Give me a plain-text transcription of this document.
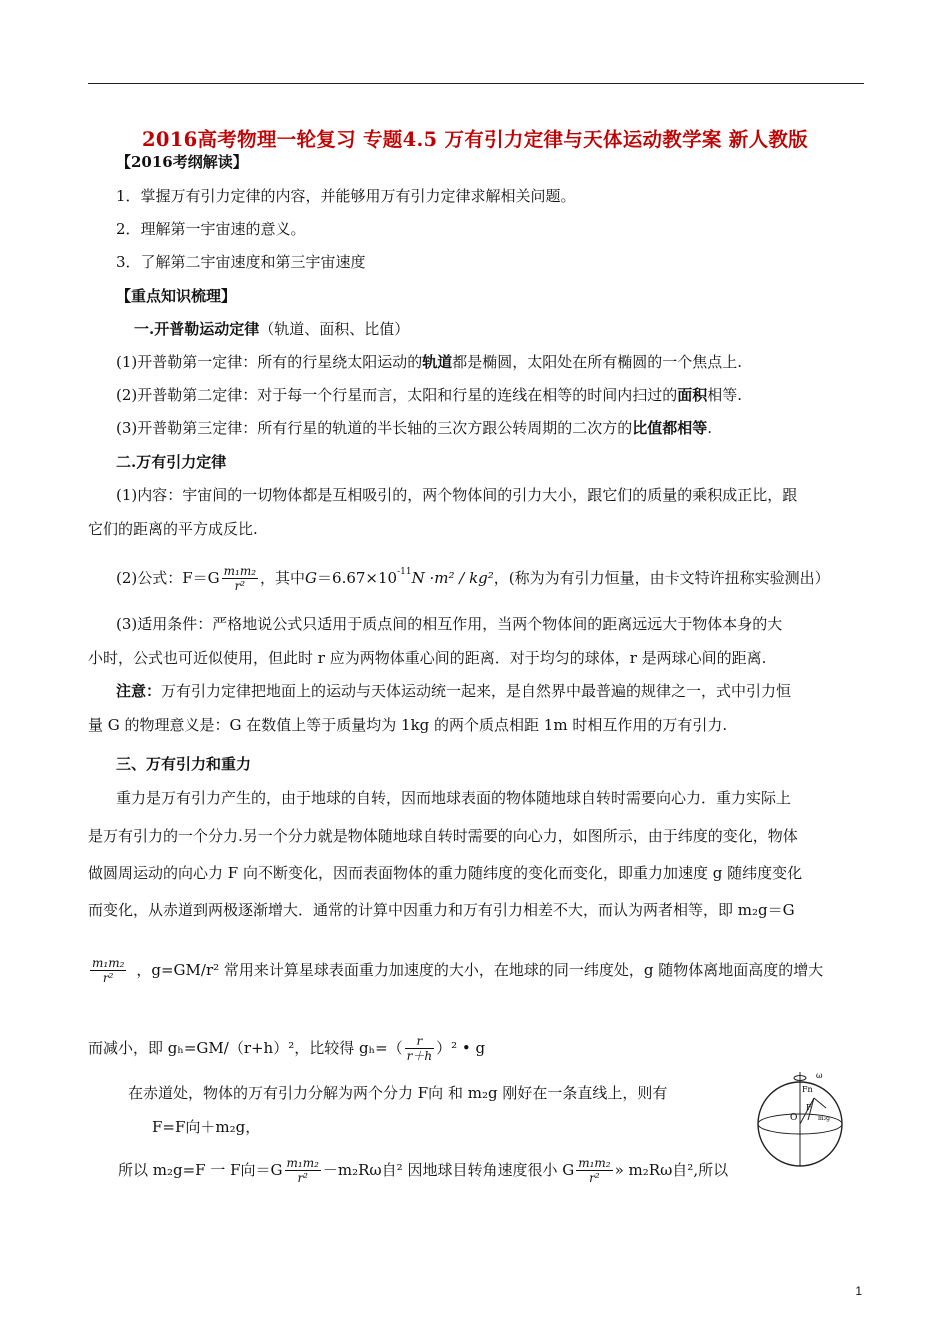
2016高考物理一轮复习 专题4.5 万有引力定律与天体运动教学案 新人教版
【2016考纲解读】
1．掌握万有引力定律的内容，并能够用万有引力定律求解相关问题。
2．理解第一宇宙速的意义。
3．了解第二宇宙速度和第三宇宙速度
【重点知识梳理】
一.开普勒运动定律（轨道、面积、比值）
(1)开普勒第一定律：所有的行星绕太阳运动的轨道都是椭圆，太阳处在所有椭圆的一个焦点上.
(2)开普勒第二定律：对于每一个行星而言，太阳和行星的连线在相等的时间内扫过的面积相等.
(3)开普勒第三定律：所有行星的轨道的半长轴的三次方跟公转周期的二次方的比值都相等.
二.万有引力定律
(1)内容：宇宙间的一切物体都是互相吸引的，两个物体间的引力大小，跟它们的质量的乘积成正比，跟
它们的距离的平方成反比.
(2)公式：$F=G \frac{\text{m₁m₂}}{\text{r²}}$ ，其中 $G =6.67\times 10^{-11}$ N ·m² / kg² ，(称为为有引力恒量，由卡文特许扭称实验测出）
(3)适用条件：严格地说公式只适用于质点间的相互作用，当两个物体间的距离远远大于物体本身的大
小时，公式也可近似使用，但此时 r 应为两物体重心间的距离．对于均匀的球体，r 是两球心间的距离.
注意：万有引力定律把地面上的运动与天体运动统一起来，是自然界中最普遍的规律之一，式中引力恒
量 G 的物理意义是：G 在数值上等于质量均为 1kg 的两个质点相距 1m 时相互作用的万有引力.
三、万有引力和重力
重力是万有引力产生的，由于地球的自转，因而地球表面的物体随地球自转时需要向心力．重力实际上
是万有引力的一个分力.另一个分力就是物体随地球自转时需要的向心力，如图所示，由于纬度的变化，物体
做圆周运动的向心力 F 向不断变化，因而表面物体的重力随纬度的变化而变化，即重力加速度 g 随纬度变化
而变化，从赤道到两极逐渐增大．通常的计算中因重力和万有引力相差不大，而认为两者相等，即 m₂g＝G
$\frac{\text{m₁m₂}}{\text{r²}}$ ，g=GM/r² 常用来计算星球表面重力加速度的大小，在地球的同一纬度处，g 随物体离地面高度的增大
而减小，即 gₕ=GM/（r+h）²，比较得 $g_h=( \frac{r}{r+h} )^2$ • g
在赤道处，物体的万有引力分解为两个分力 F向 和 m₂g 刚好在一条直线上，则有
F=F向＋m₂g，
所以 m₂g=F 一 F向$=G \frac{\text{m₁m₂}}{\text{r²}} -m_2R\omega$自² 因地球目转角速度很小 G $\frac{\text{m₁m₂}}{\text{r²}}$ » m₂Rω自²,所以
ω
Fn
O
F
m₂g
1
